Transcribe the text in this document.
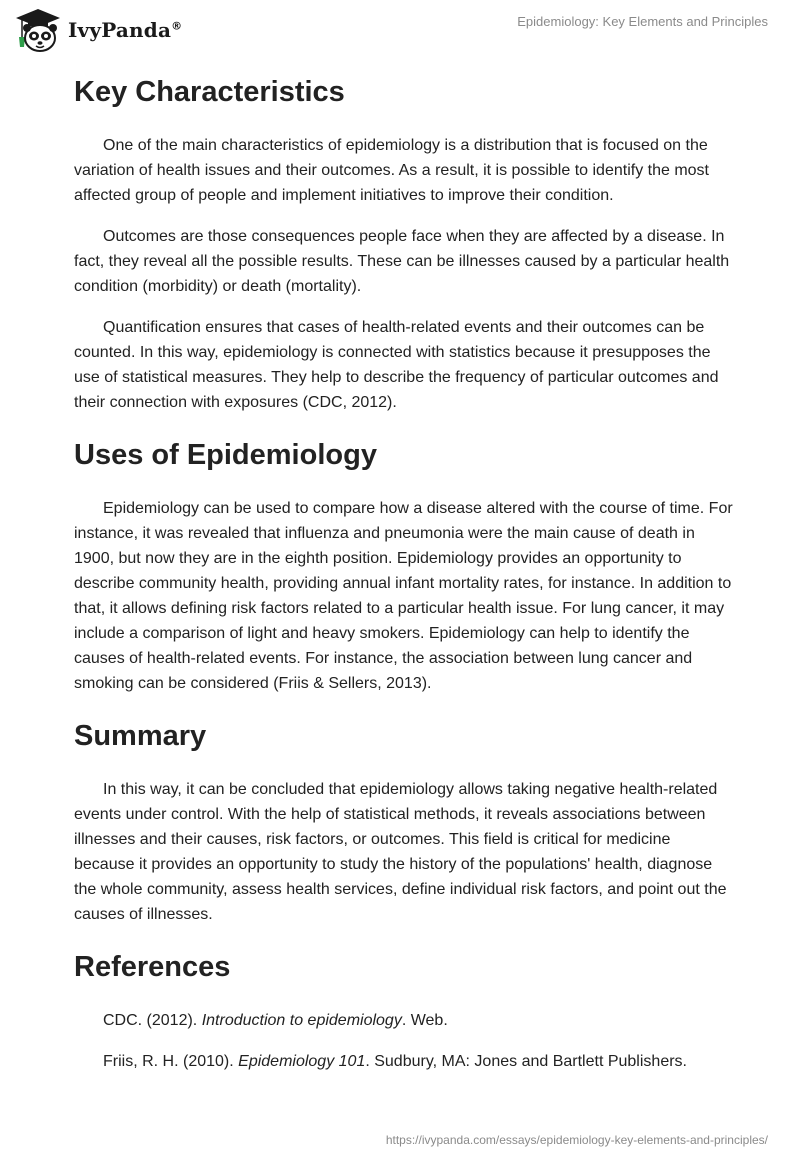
IvyPanda®	Epidemiology: Key Elements and Principles
Key Characteristics

One of the main characteristics of epidemiology is a distribution that is focused on the variation of health issues and their outcomes. As a result, it is possible to identify the most affected group of people and implement initiatives to improve their condition.

Outcomes are those consequences people face when they are affected by a disease. In fact, they reveal all the possible results. These can be illnesses caused by a particular health condition (morbidity) or death (mortality).

Quantification ensures that cases of health-related events and their outcomes can be counted. In this way, epidemiology is connected with statistics because it presupposes the use of statistical measures. They help to describe the frequency of particular outcomes and their connection with exposures (CDC, 2012).

Uses of Epidemiology

Epidemiology can be used to compare how a disease altered with the course of time. For instance, it was revealed that influenza and pneumonia were the main cause of death in 1900, but now they are in the eighth position. Epidemiology provides an opportunity to describe community health, providing annual infant mortality rates, for instance. In addition to that, it allows defining risk factors related to a particular health issue. For lung cancer, it may include a comparison of light and heavy smokers. Epidemiology can help to identify the causes of health-related events. For instance, the association between lung cancer and smoking can be considered (Friis & Sellers, 2013).

Summary

In this way, it can be concluded that epidemiology allows taking negative health-related events under control. With the help of statistical methods, it reveals associations between illnesses and their causes, risk factors, or outcomes. This field is critical for medicine because it provides an opportunity to study the history of the populations' health, diagnose the whole community, assess health services, define individual risk factors, and point out the causes of illnesses.

References
CDC. (2012). Introduction to epidemiology. Web.
Friis, R. H. (2010). Epidemiology 101. Sudbury, MA: Jones and Bartlett Publishers.
https://ivypanda.com/essays/epidemiology-key-elements-and-principles/
